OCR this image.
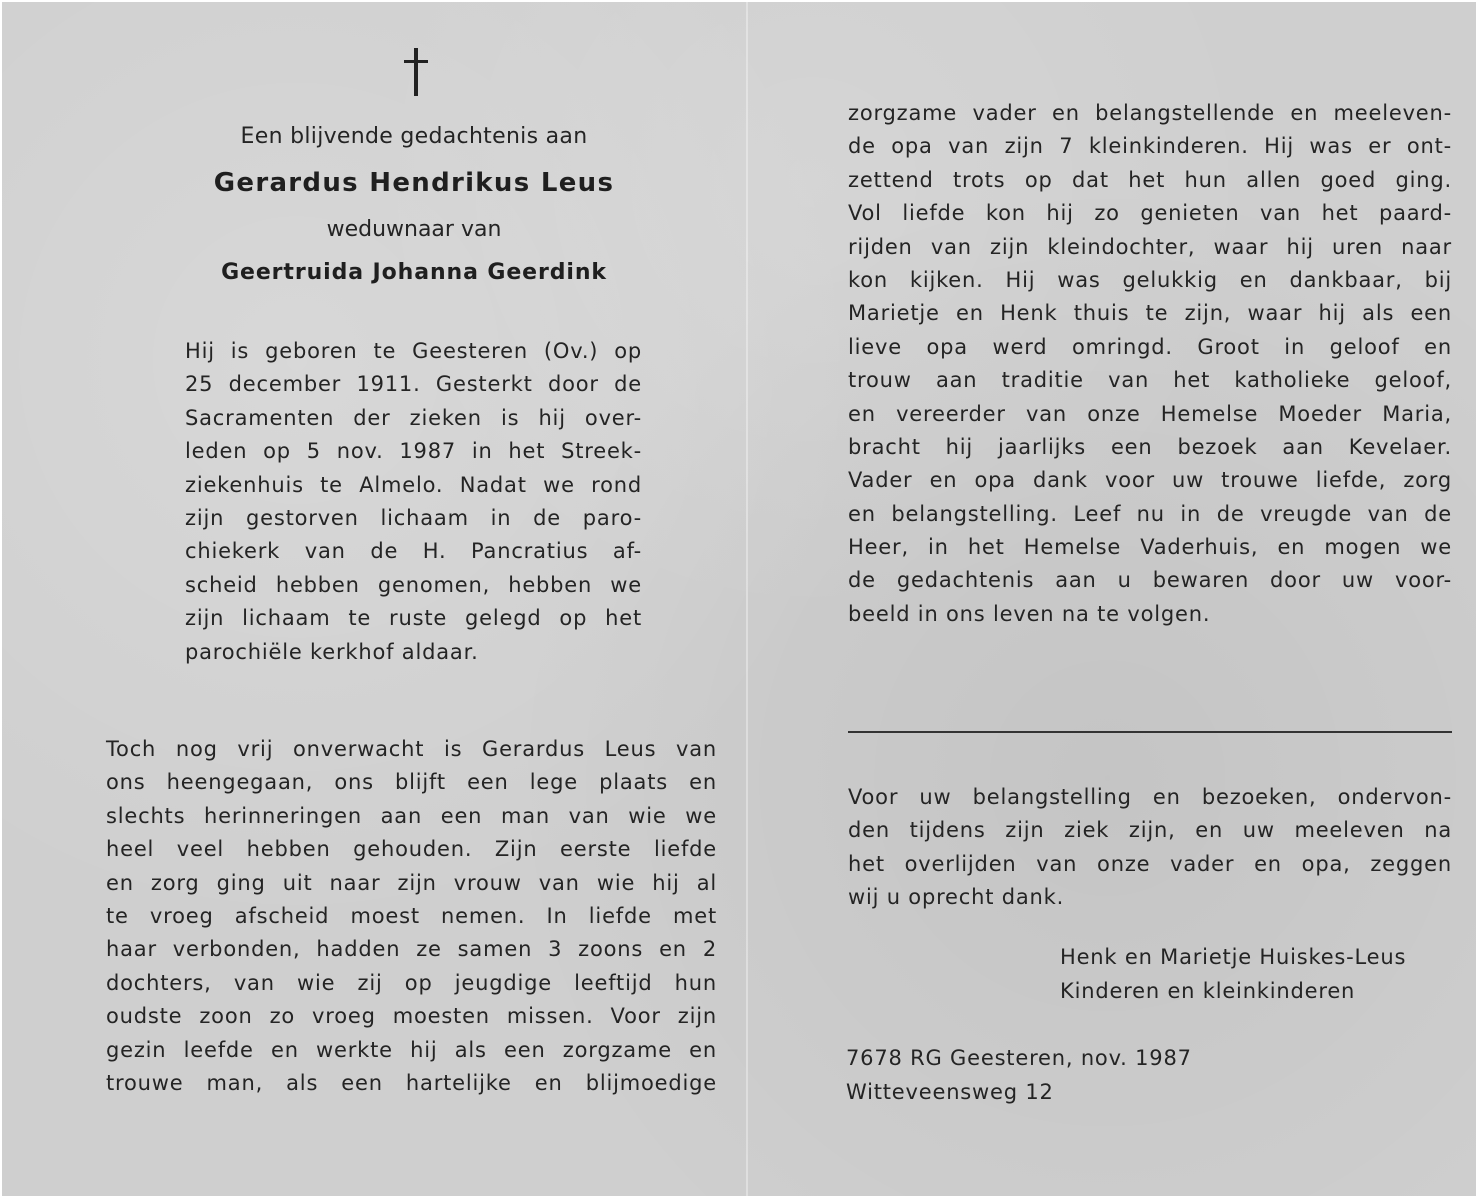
Een blijvende gedachtenis aan
Gerardus Hendrikus Leus
weduwnaar van
Geertruida Johanna Geerdink
Hij is geboren te Geesteren (Ov.) op
25 december 1911. Gesterkt door de
Sacramenten der zieken is hij over-
leden op 5 nov. 1987 in het Streek-
ziekenhuis te Almelo. Nadat we rond
zijn gestorven lichaam in de paro-
chiekerk van de H. Pancratius af-
scheid hebben genomen, hebben we
zijn lichaam te ruste gelegd op het
parochiële kerkhof aldaar.
Toch nog vrij onverwacht is Gerardus Leus van
ons heengegaan, ons blijft een lege plaats en
slechts herinneringen aan een man van wie we
heel veel hebben gehouden. Zijn eerste liefde
en zorg ging uit naar zijn vrouw van wie hij al
te vroeg afscheid moest nemen. In liefde met
haar verbonden, hadden ze samen 3 zoons en 2
dochters, van wie zij op jeugdige leeftijd hun
oudste zoon zo vroeg moesten missen. Voor zijn
gezin leefde en werkte hij als een zorgzame en
trouwe man, als een hartelijke en blijmoedige
zorgzame vader en belangstellende en meeleven-
de opa van zijn 7 kleinkinderen. Hij was er ont-
zettend trots op dat het hun allen goed ging.
Vol liefde kon hij zo genieten van het paard-
rijden van zijn kleindochter, waar hij uren naar
kon kijken. Hij was gelukkig en dankbaar, bij
Marietje en Henk thuis te zijn, waar hij als een
lieve opa werd omringd. Groot in geloof en
trouw aan traditie van het katholieke geloof,
en vereerder van onze Hemelse Moeder Maria,
bracht hij jaarlijks een bezoek aan Kevelaer.
Vader en opa dank voor uw trouwe liefde, zorg
en belangstelling. Leef nu in de vreugde van de
Heer, in het Hemelse Vaderhuis, en mogen we
de gedachtenis aan u bewaren door uw voor-
beeld in ons leven na te volgen.
Voor uw belangstelling en bezoeken, ondervon-
den tijdens zijn ziek zijn, en uw meeleven na
het overlijden van onze vader en opa, zeggen
wij u oprecht dank.
Henk en Marietje Huiskes-Leus
Kinderen en kleinkinderen
7678 RG Geesteren, nov. 1987
Witteveensweg 12
